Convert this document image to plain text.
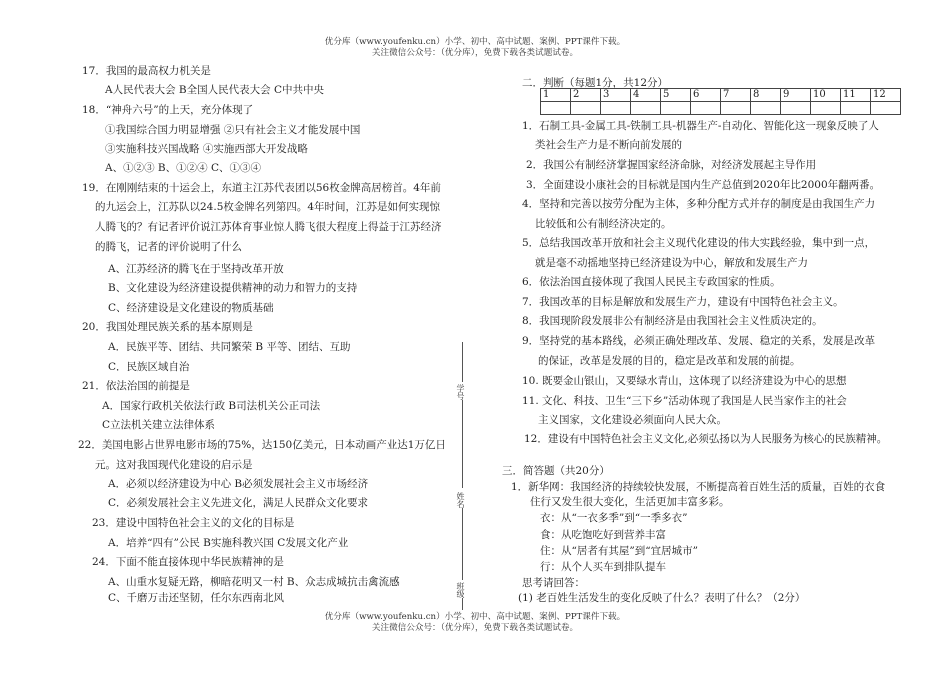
优分库（www.youfenku.cn）小学、初中、高中试题、案例、PPT课件下载。
关注微信公众号：（优分库），免费下载各类试题试卷。
学号
姓名
班级
17．我国的最高权力机关是
A人民代表大会 B全国人民代表大会 C中共中央
18．“神舟六号”的上天，充分体现了
①我国综合国力明显增强 ②只有社会主义才能发展中国
③实施科技兴国战略 ④实施西部大开发战略
A、①②③ B、①②④ C、①③④
19．在刚刚结束的十运会上，东道主江苏代表团以56枚金牌高居榜首。4年前
的九运会上，江苏队以24.5枚金牌名列第四。4年时间，江苏是如何实现惊
人腾飞的？有记者评价说江苏体育事业惊人腾飞很大程度上得益于江苏经济
的腾飞，记者的评价说明了什么
A、江苏经济的腾飞在于坚持改革开放
B、文化建设为经济建设提供精神的动力和智力的支持
C、经济建设是文化建设的物质基础
20．我国处理民族关系的基本原则是
A．民族平等、团结、共同繁荣 B 平等、团结、互助
C．民族区域自治
21．依法治国的前提是
A．国家行政机关依法行政 B司法机关公正司法
C立法机关建立法律体系
22．美国电影占世界电影市场的75%，达150亿美元，日本动画产业达1万亿日
元。这对我国现代化建设的启示是
A．必须以经济建设为中心 B必须发展社会主义市场经济
C．必须发展社会主义先进文化，满足人民群众文化要求
23．建设中国特色社会主义的文化的目标是
A．培养“四有”公民 B实施科教兴国 C发展文化产业
24．下面不能直接体现中华民族精神的是
A、山重水复疑无路，柳暗花明又一村 B、众志成城抗击禽流感
C、千磨万击还坚韧，任尔东西南北风
二．判断（每题1分，共12分）
1	2	3	4	5	6	7	8	9	10	11	12

1．石制工具-金属工具-铁制工具-机器生产-自动化、智能化这一现象反映了人
类社会生产力是不断向前发展的
2．我国公有制经济掌握国家经济命脉，对经济发展起主导作用
3．全面建设小康社会的目标就是国内生产总值到2020年比2000年翻两番。
4．坚持和完善以按劳分配为主体，多种分配方式并存的制度是由我国生产力
比较低和公有制经济决定的。
5．总结我国改革开放和社会主义现代化建设的伟大实践经验，集中到一点，
就是毫不动摇地坚持已经济建设为中心，解放和发展生产力
6．依法治国直接体现了我国人民民主专政国家的性质。
7．我国改革的目标是解放和发展生产力，建设有中国特色社会主义。
8．我国现阶段发展非公有制经济是由我国社会主义性质决定的。
9．坚持党的基本路线，必须正确处理改革、发展、稳定的关系，发展是改革
的保证，改革是发展的目的，稳定是改革和发展的前提。
10. 既要金山银山，又要绿水青山，这体现了以经济建设为中心的思想
11. 文化、科技、卫生“三下乡”活动体现了我国是人民当家作主的社会
主义国家，文化建设必须面向人民大众。
12．建设有中国特色社会主义文化,必须弘扬以为人民服务为核心的民族精神。
三．简答题（共20分）
1．新华网：我国经济的持续较快发展，不断提高着百姓生活的质量，百姓的衣食
住行又发生很大变化，生活更加丰富多彩。
衣：从“一衣多季”到“一季多衣”
食：从吃饱吃好到营养丰富
住：从“居者有其屋”到“宜居城市”
行：从个人买车到排队提车
思考请回答：
(1) 老百姓生活发生的变化反映了什么？表明了什么？（2分）
优分库（www.youfenku.cn）小学、初中、高中试题、案例、PPT课件下载。
关注微信公众号：（优分库），免费下载各类试题试卷。
